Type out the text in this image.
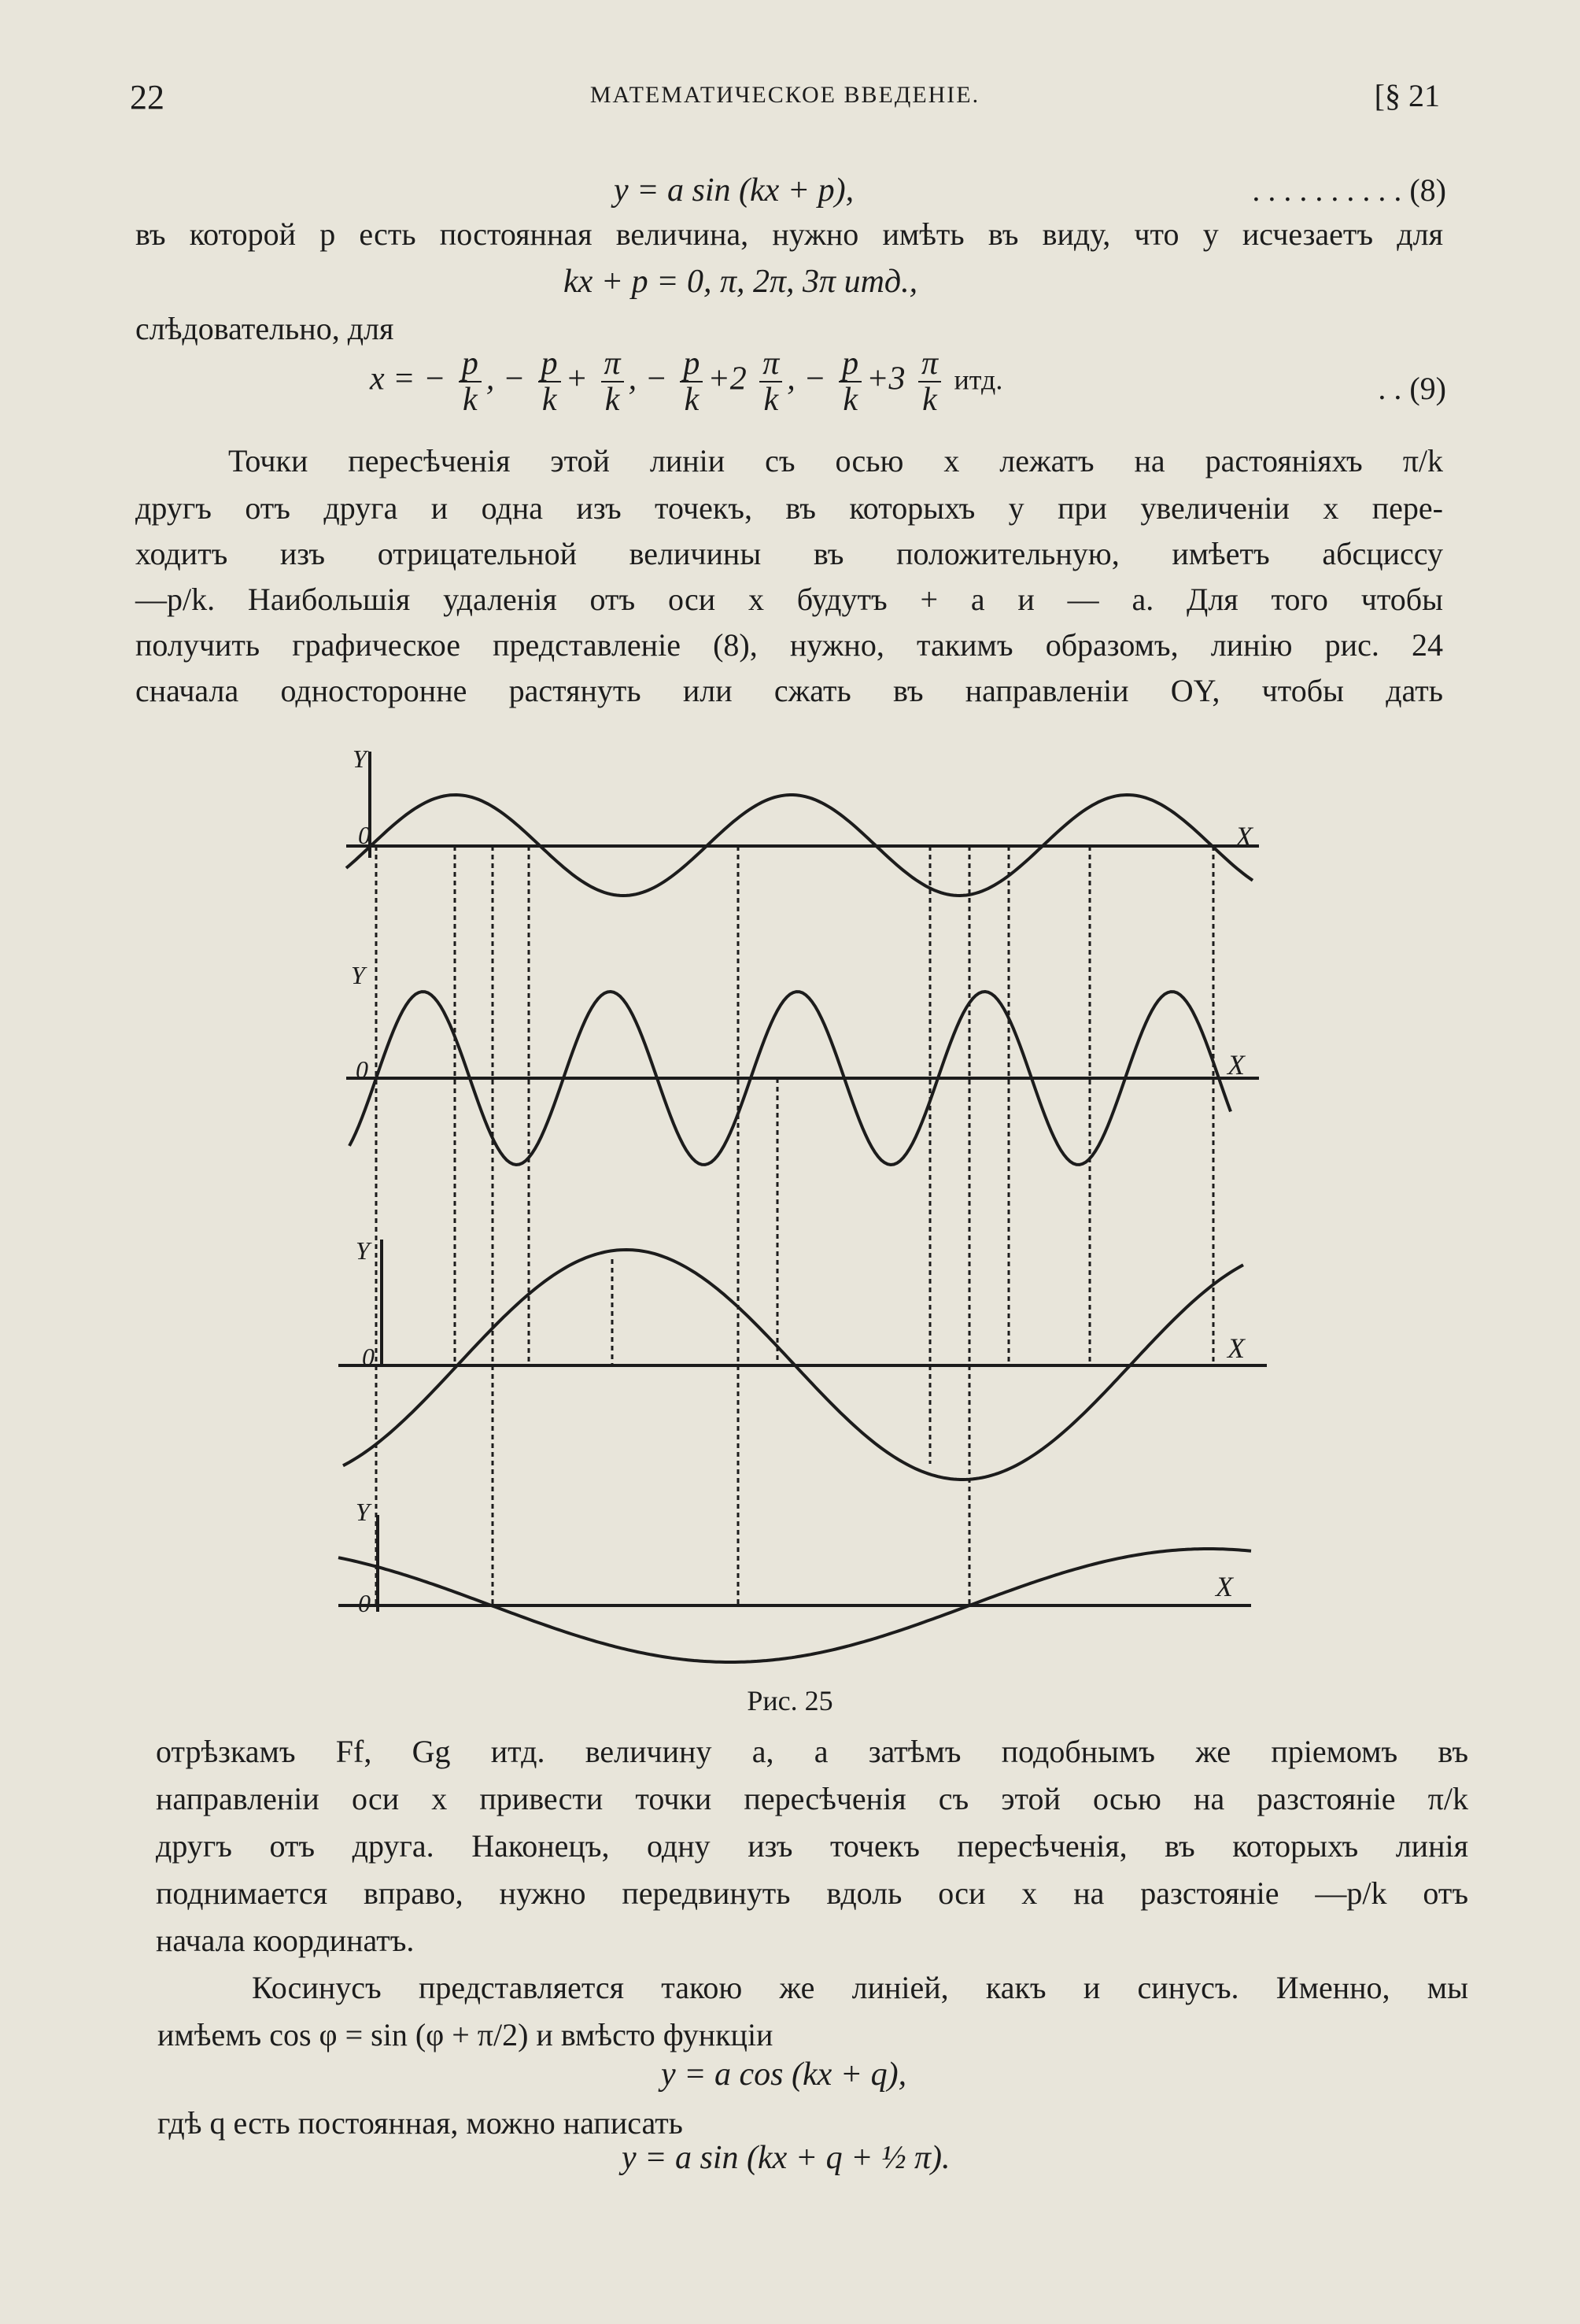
22	МАТЕМАТИЧЕСКОЕ ВВЕДЕНІЕ.	[§ 21
y = a sin (kx + p),	. . . . . . . . . . (8)
въ которой p есть постоянная величина, нужно имѣть въ виду, что y исчезаетъ для
kx + p = 0, π, 2π, 3π итд.,
слѣдовательно, для
x = − $\frac{p}{k}$ , − $\frac{p}{k} + \frac{\pi}{k}$ , − $\frac{p}{k} +2 \frac{\pi}{k}$ , − $\frac{p}{k} +3 \frac{\pi}{k}$ итд.	. . (9)
Точки пересѣченія этой линіи съ осью x лежатъ на растояніяхъ π/k
другъ отъ друга и одна изъ точекъ, въ которыхъ y при увеличеніи x пере-
ходитъ изъ отрицательной величины въ положительную, имѣетъ абсциссу
—p/k. Наибольшія удаленія отъ оси x будутъ + a и — a. Для того чтобы
получить графическое представленіе (8), нужно, такимъ образомъ, линію рис. 24
сначала односторонне растянуть или сжать въ направленіи OY, чтобы дать
Y
0	X
Y
0	X
Y
0	X
Y
0
X
Рис. 25
отрѣзкамъ Ff, Gg итд. величину a, а затѣмъ подобнымъ же пріемомъ въ
направленіи оси x привести точки пересѣченія съ этой осью на разстояніе π/k
другъ отъ друга. Наконецъ, одну изъ точекъ пересѣченія, въ которыхъ линія
поднимается вправо, нужно передвинуть вдоль оси x на разстояніе —p/k отъ
начала координатъ.
Косинусъ представляется такою же линіей, какъ и синусъ. Именно, мы
имѣемъ cos φ = sin (φ + π/2) и вмѣсто функціи
y = a cos (kx + q),
гдѣ q есть постоянная, можно написать
y = a sin (kx + q + ½ π).
